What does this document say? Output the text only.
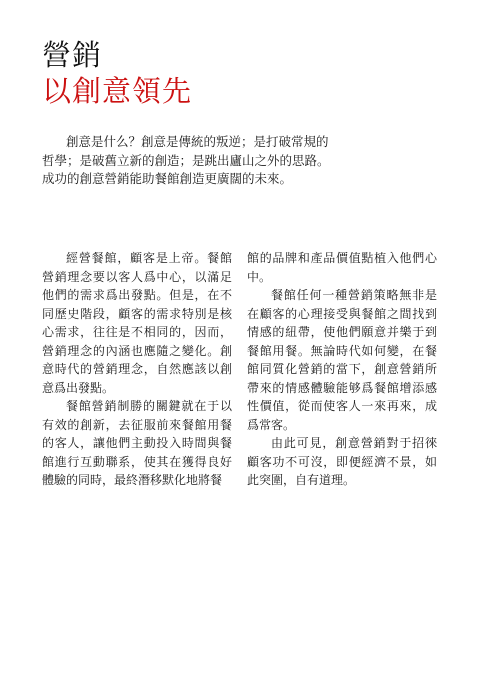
營銷
以創意領先

創意是什么？創意是傳統的叛逆；是打破常規的哲學；是破舊立新的創造；是跳出廬山之外的思路。成功的創意營銷能助餐館創造更廣闊的未來。

經營餐館，顧客是上帝。餐館營銷理念要以客人爲中心，以滿足他們的需求爲出發點。但是，在不同歷史階段，顧客的需求特別是核心需求，往往是不相同的，因而，營銷理念的內涵也應隨之變化。創意時代的營銷理念，自然應該以創意爲出發點。

餐館營銷制勝的關鍵就在于以有效的創新，去征服前來餐館用餐的客人，讓他們主動投入時間與餐館進行互動聯系，使其在獲得良好體驗的同時，最終潛移默化地將餐

館的品牌和產品價值點植入他們心中。

餐館任何一種營銷策略無非是在顧客的心理接受與餐館之間找到情感的紐帶，使他們願意并樂于到餐館用餐。無論時代如何變，在餐館同質化營銷的當下，創意營銷所帶來的情感體驗能够爲餐館增添感性價值，從而使客人一來再來，成爲常客。

由此可見，創意營銷對于招徠顧客功不可沒，即便經濟不景，如此突圍，自有道理。
